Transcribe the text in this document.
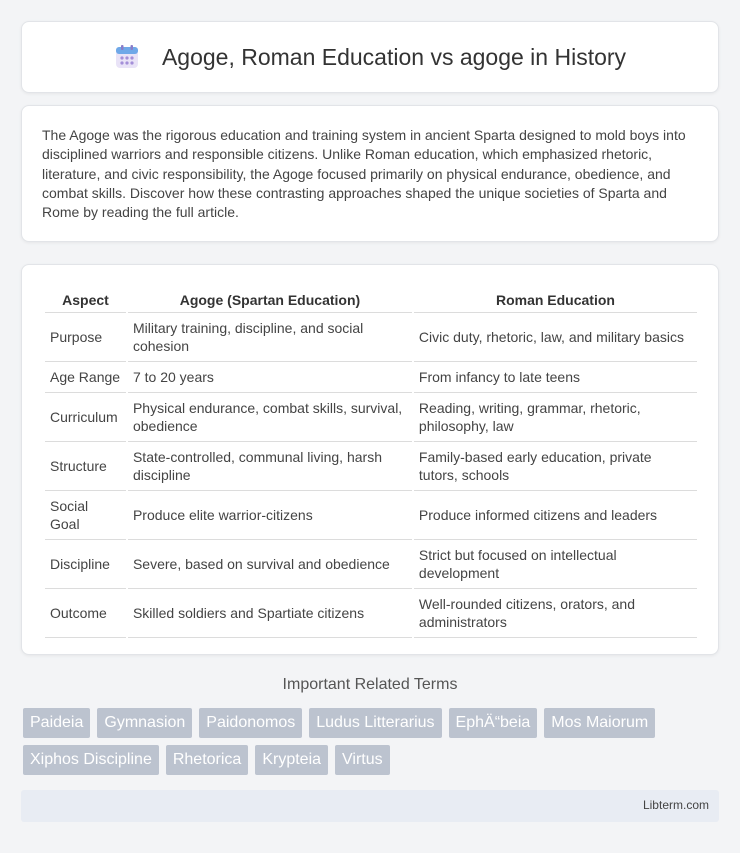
Agoge, Roman Education vs agoge in History

The Agoge was the rigorous education and training system in ancient Sparta designed to mold boys into disciplined warriors and responsible citizens. Unlike Roman education, which emphasized rhetoric, literature, and civic responsibility, the Agoge focused primarily on physical endurance, obedience, and combat skills. Discover how these contrasting approaches shaped the unique societies of Sparta and Rome by reading the full article.

Aspect	Agoge (Spartan Education)	Roman Education
Purpose	Military training, discipline, and social cohesion	Civic duty, rhetoric, law, and military basics
Age Range	7 to 20 years	From infancy to late teens
Curriculum	Physical endurance, combat skills, survival, obedience	Reading, writing, grammar, rhetoric, philosophy, law
Structure	State-controlled, communal living, harsh discipline	Family-based early education, private tutors, schools
Social Goal	Produce elite warrior-citizens	Produce informed citizens and leaders
Discipline	Severe, based on survival and obedience	Strict but focused on intellectual development
Outcome	Skilled soldiers and Spartiate citizens	Well-rounded citizens, orators, and administrators
Important Related Terms
Paideia	Gymnasion	Paidonomos	Ludus Litterarius	EphÄ“beia	Mos Maiorum
Xiphos Discipline	Rhetorica	Krypteia	Virtus
Libterm.com
